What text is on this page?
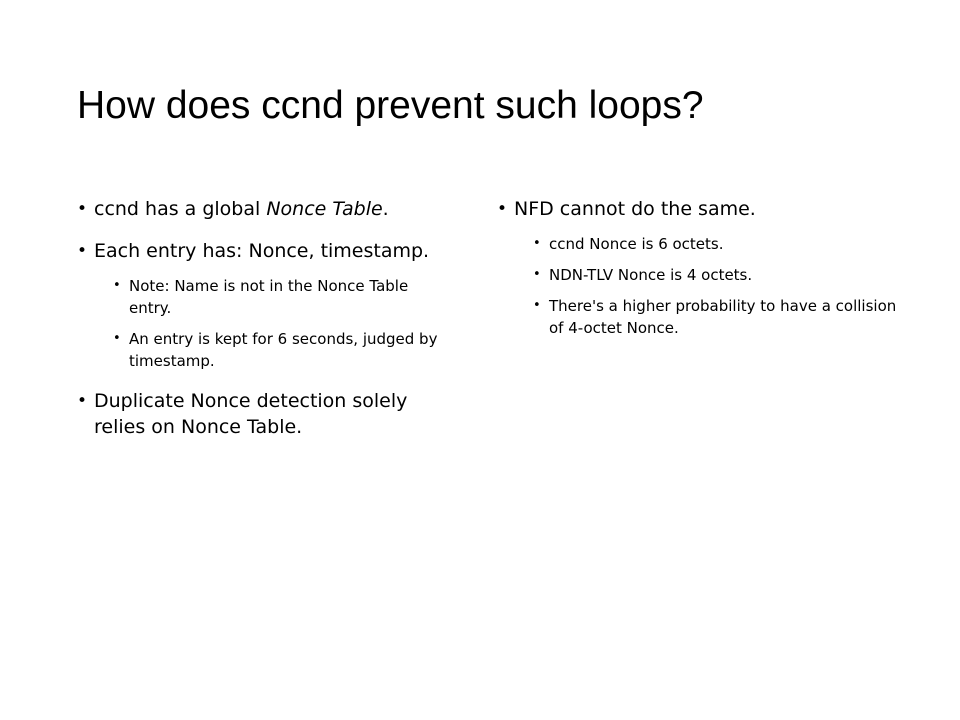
How does ccnd prevent such loops?
• ccnd has a global Nonce Table.
• Each entry has: Nonce, timestamp.
• Note: Name is not in the Nonce Table entry.
• An entry is kept for 6 seconds, judged by timestamp.
• Duplicate Nonce detection solely relies on Nonce Table.
• NFD cannot do the same.
• ccnd Nonce is 6 octets.
• NDN-TLV Nonce is 4 octets.
• There's a higher probability to have a collision of 4-octet Nonce.
